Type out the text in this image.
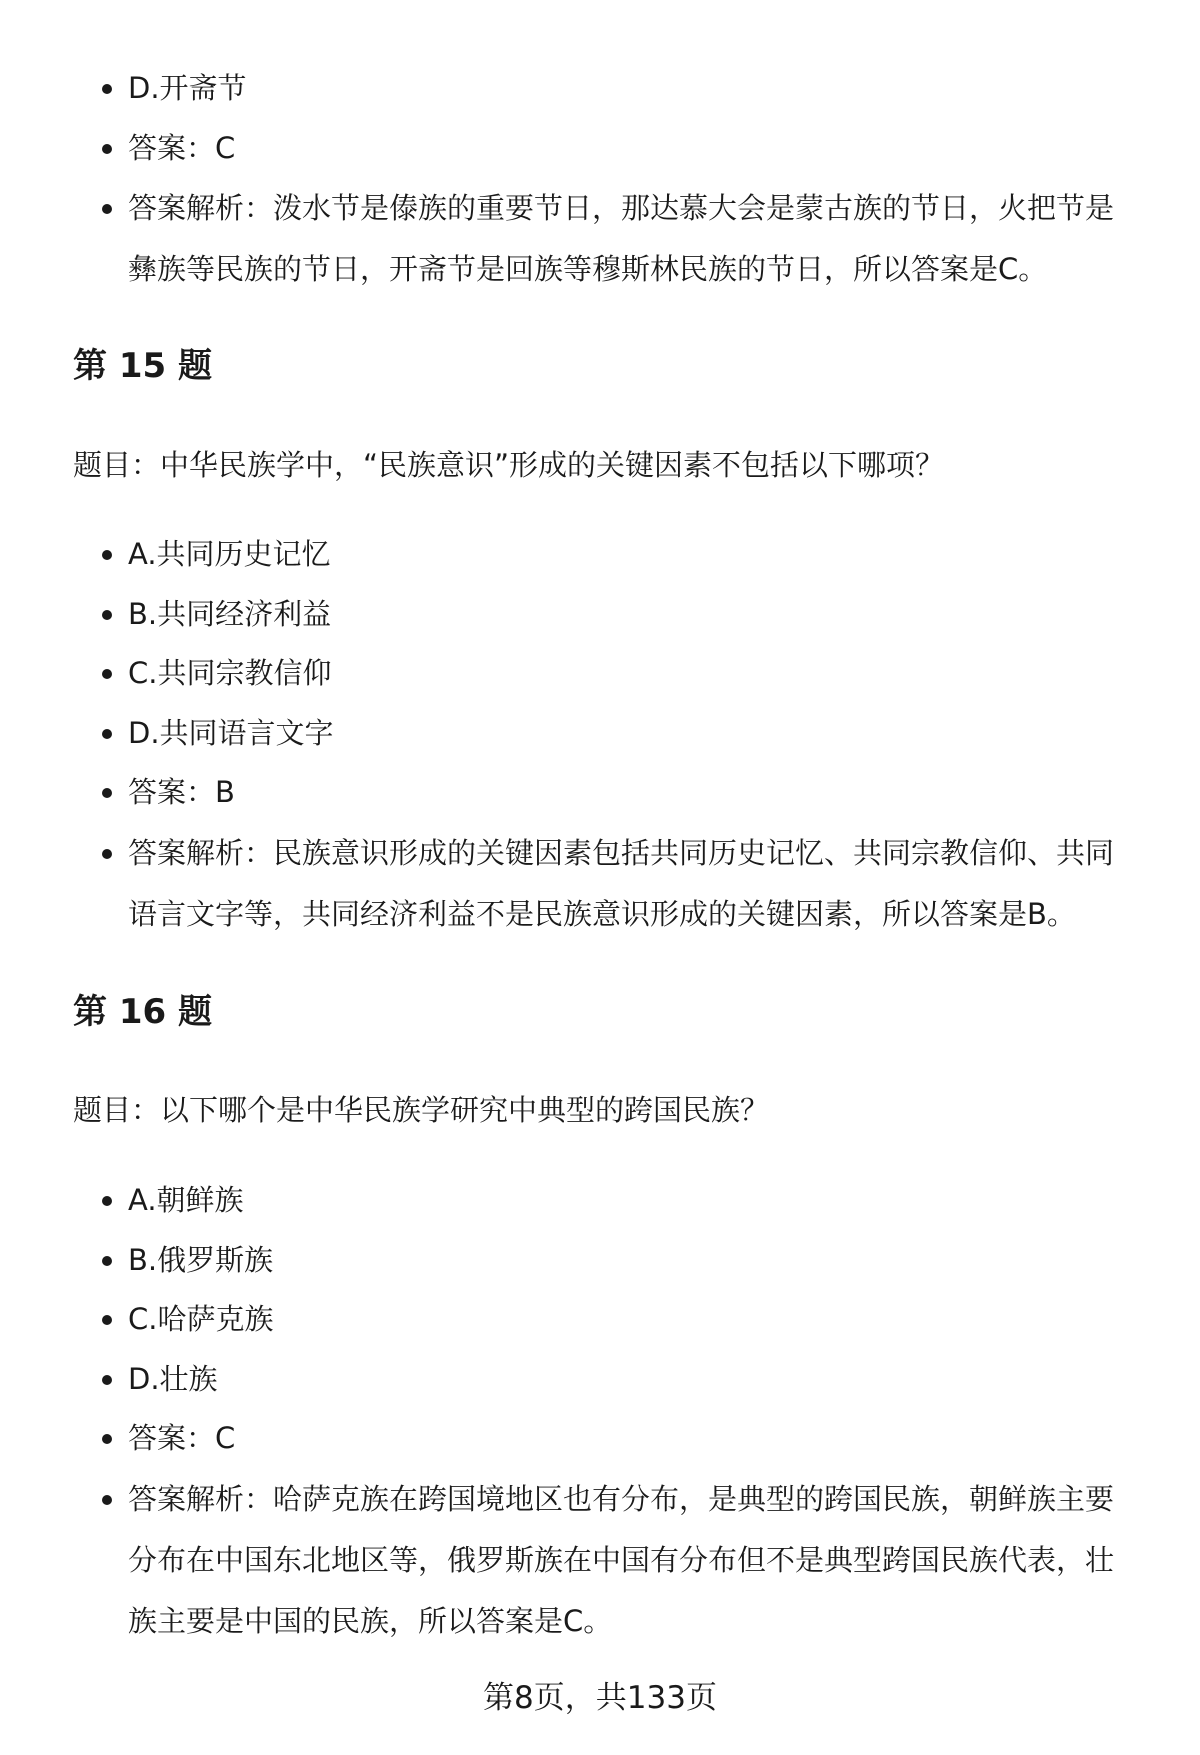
D.开斋节
答案：C
答案解析：泼水节是傣族的重要节日，那达慕大会是蒙古族的节日，火把节是彝族等民族的节日，开斋节是回族等穆斯林民族的节日，所以答案是C。
第 15 题

题目：中华民族学中，“民族意识”形成的关键因素不包括以下哪项？

A.共同历史记忆
B.共同经济利益
C.共同宗教信仰
D.共同语言文字
答案：B
答案解析：民族意识形成的关键因素包括共同历史记忆、共同宗教信仰、共同语言文字等，共同经济利益不是民族意识形成的关键因素，所以答案是B。
第 16 题

题目：以下哪个是中华民族学研究中典型的跨国民族？

A.朝鲜族
B.俄罗斯族
C.哈萨克族
D.壮族
答案：C
答案解析：哈萨克族在跨国境地区也有分布，是典型的跨国民族，朝鲜族主要分布在中国东北地区等，俄罗斯族在中国有分布但不是典型跨国民族代表，壮族主要是中国的民族，所以答案是C。

第8页，共133页
